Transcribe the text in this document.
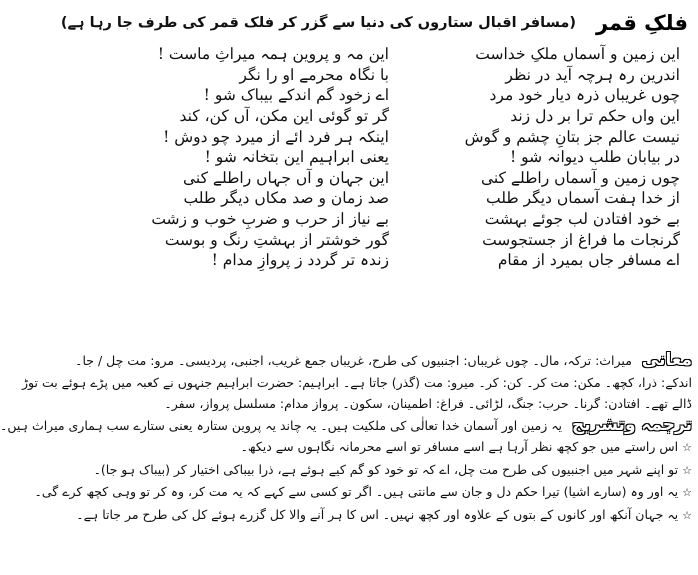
فلکِ قمر
(مسافر اقبال ستاروں کی دنیا سے گزر کر فلک قمر کی طرف جا رہا ہے)
این زمین و آسماں ملکِ خداست
این مہ و پروین ہمہ میراثِ ماست !
اندرین رہ ہرچہ آید در نظر
با نگاہ محرمے او را نگر
چوں غریباں ذرہ دیار خود مرد
اے زخود گم اندکے بیباک شو !
این واں حکم ترا بر دل زند
گر تو گوئی این مکن، آں کن، کند
نیست عالم جز بتانِ چشم و گوش
اینکہ ہر فرد ائے از میرد چو دوش !
در بیابان طلب دیوانہ شو !
یعنی ابراہیم این بتخانہ شو !
چوں زمین و آسماں راطلے کنی
این جہان و آں جہاں راطلے کنی
از خدا ہفت آسماں دیگر طلب
صد زمان و صد مکاں دیگر طلب
بے خود افتادن لب جوئے بہشت
بے نیاز از حرب و ضربِ خوب و زشت
گرنجات ما فراغ از جستجوست
گور خوشتر از بہشتِ رنگ و بوست
اے مسافر جاں بمیرد از مقام
زندہ تر گردد ز پروازِ مدام !

معانیمیراث: ترکہ، مال۔ چوں غریباں: اجنبیوں کی طرح، غریباں جمع غریب، اجنبی، پردیسی۔ مرو: مت چل / جا۔

اندکے: ذرا، کچھ۔ مکن: مت کر۔ کن: کر۔ میرو: مت (گذر) جاتا ہے۔ ابراہیم: حضرت ابراہیم جنہوں نے کعبہ میں پڑے ہوئے بت توڑ

ڈالے تھے۔ افتادن: گرنا۔ حرب: جنگ، لڑائی۔ فراغ: اطمینان، سکون۔ پرواز مدام: مسلسل پرواز، سفر۔

ترجمہ وتشریحیہ زمین اور آسمان خدا تعالٰی کی ملکیت ہیں۔ یہ چاند یہ پروین ستارہ یعنی ستارے سب ہماری میراث ہیں۔

☆اس راستے میں جو کچھ نظر آرہا ہے اسے مسافر تو اسے محرمانہ نگاہوں سے دیکھ۔

☆تو اپنے شہر میں اجنبیوں کی طرح مت چل، اے کہ تو خود کو گم کیے ہوئے ہے، ذرا بیباکی اختیار کر (بیباک ہو جا)۔

☆یہ اور وہ (سارے اشیا) تیرا حکم دل و جان سے مانتی ہیں۔ اگر تو کسی سے کہے کہ یہ مت کر، وہ کر تو وہی کچھ کرے گی۔

☆یہ جہان آنکھ اور کانوں کے بتوں کے علاوہ اور کچھ نہیں۔ اس کا ہر آنے والا کل گزرے ہوئے کل کی طرح مر جاتا ہے۔
